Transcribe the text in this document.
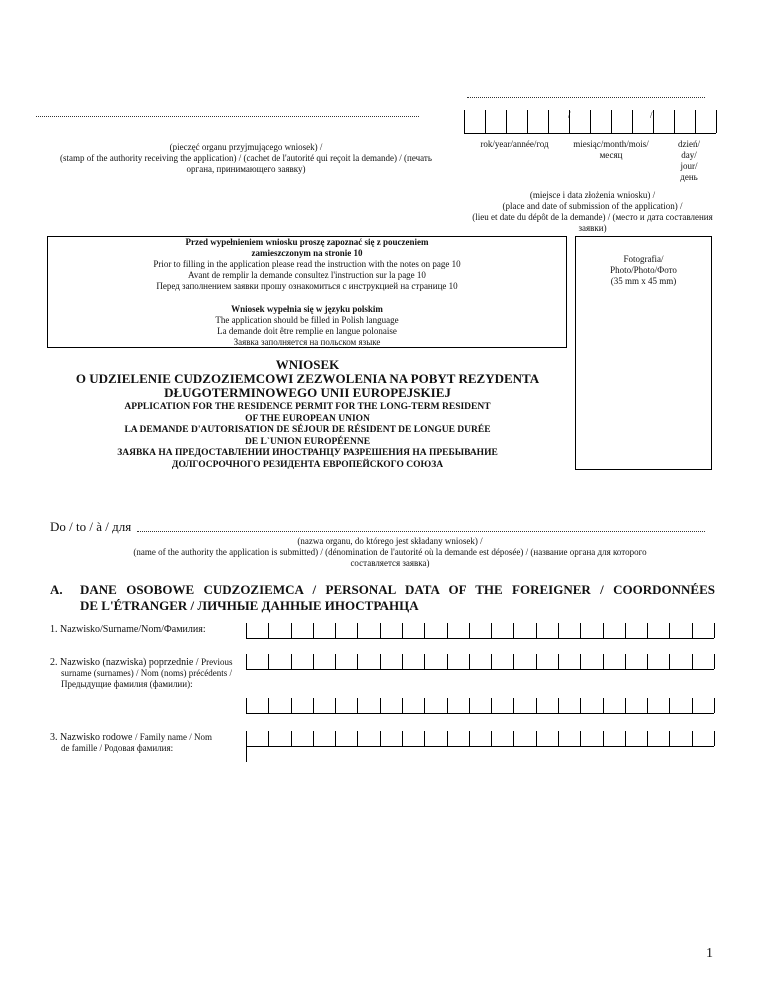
(pieczęć organu przyjmującego wniosek) /
(stamp of the authority receiving the application) / (cachet de l'autorité qui reçoit la demande) / (печать
органа, принимающего заявку)
/	/
rok/year/année/год	miesiąc/month/mois/
месяц
dzień/
day/
jour/
день
(miejsce i data złożenia wniosku) /
(place and date of submission of the application) /
(lieu et date du dépôt de la demande) / (место и дата составления
заявки)
Przed wypełnieniem wniosku proszę zapoznać się z pouczeniem
zamieszczonym na stronie 10
Prior to filling in the application please read the instruction with the notes on page 10
Avant de remplir la demande consultez l'instruction sur la page 10
Перед заполнением заявки прошу ознакомиться с инструкцией на странице 10
Wniosek wypełnia się w języku polskim
The application should be filled in Polish language
La demande doit être remplie en langue polonaise
Заявка заполняется на польском языке
Fotografia/
Photo/Photo/Фото
(35 mm x 45 mm)
WNIOSEK
O UDZIELENIE CUDZOZIEMCOWI ZEZWOLENIA NA POBYT REZYDENTA
DŁUGOTERMINOWEGO UNII EUROPEJSKIEJ
APPLICATION FOR THE RESIDENCE PERMIT FOR THE LONG-TERM RESIDENT
OF THE EUROPEAN UNION
LA DEMANDE D'AUTORISATION DE SÉJOUR DE RÉSIDENT DE LONGUE DURÉE
DE L`UNION EUROPÉENNE
ЗАЯВКА НА ПРЕДОСТАВЛЕНИИ ИНОСТРАНЦУ РАЗРЕШЕНИЯ НА ПРЕБЫВАНИЕ
ДОЛГОСРОЧНОГО РЕЗИДЕНТА ЕВРОПЕЙСКОГО СОЮЗА
Do / to / à / для
(nazwa organu, do którego jest składany wniosek) /
(name of the authority the application is submitted) / (dénomination de l'autorité où la demande est déposée) / (название органа для которого
составляется заявка)
A. DANE OSOBOWE CUDZOZIEMCA / PERSONAL DATA OF THE FOREIGNER / COORDONNÉES
DE L'ÉTRANGER / ЛИЧНЫЕ ДАННЫЕ ИНОСТРАНЦА
1. Nazwisko/Surname/Nom/Фамилия:
2. Nazwisko (nazwiska) poprzednie / Previous
surname (surnames) / Nom (noms) précédents /
Предыдущие фамилия (фамилии):
3. Nazwisko rodowe / Family name / Nom
de famille / Родовая фамилия:
1
